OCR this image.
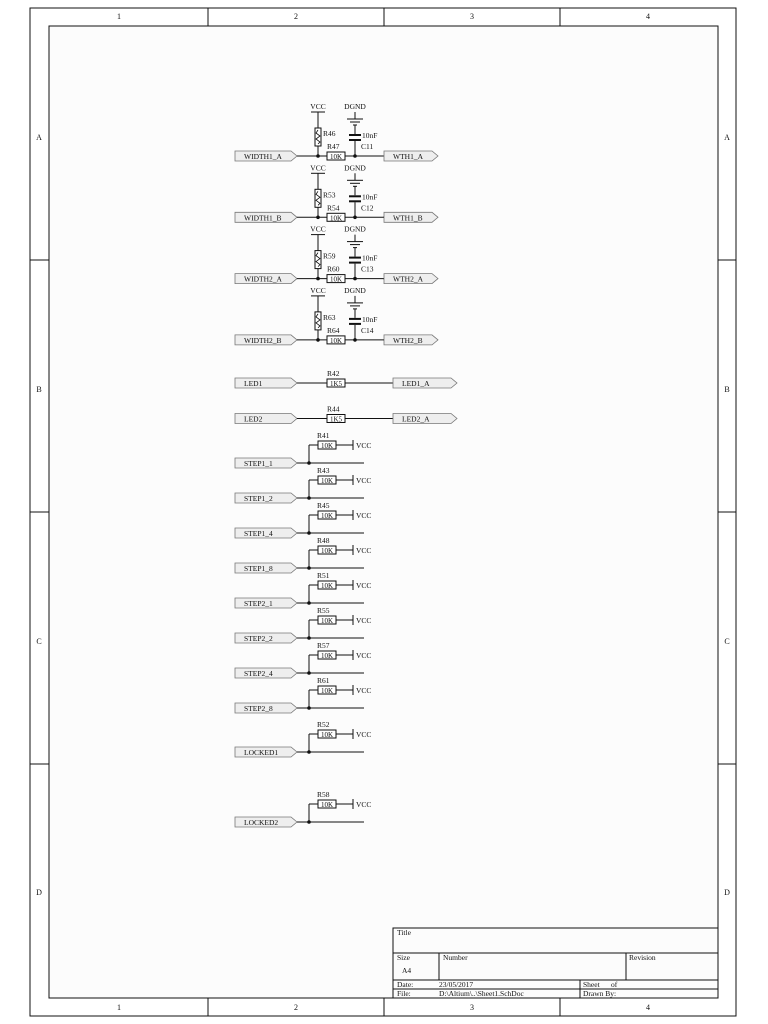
1	2	3	4
1	2	3	4
A
B
C
D
A
B
C
D
WIDTH1_A	WTH1_A
VCC
R46
R47
10K
DGND
10nF
C11
WIDTH1_B	WTH1_B
VCC
R53
R54
10K
DGND
10nF
C12
WIDTH2_A	WTH2_A
VCC
R59
R60
10K
DGND
10nF
C13
WIDTH2_B	WTH2_B
VCC
R63
R64
10K
DGND
10nF
C14
LED1
R42
1K5	LED1_A
LED2
R44
1K5	LED2_A
STEP1_1
R41
10K	VCC
STEP1_2
R43
10K	VCC
STEP1_4
R45
10K	VCC
STEP1_8
R48
10K	VCC
STEP2_1
R51
10K	VCC
STEP2_2
R55
10K	VCC
STEP2_4
R57
10K	VCC
STEP2_8
R61
10K	VCC
LOCKED1
R52
10K	VCC
LOCKED2
R58
10K	VCC
Title
Size
A4
Number	Revision
Date:	23/05/2017
File:	D:\Altium\..\Sheet1.SchDoc
Sheet of
Drawn By:
